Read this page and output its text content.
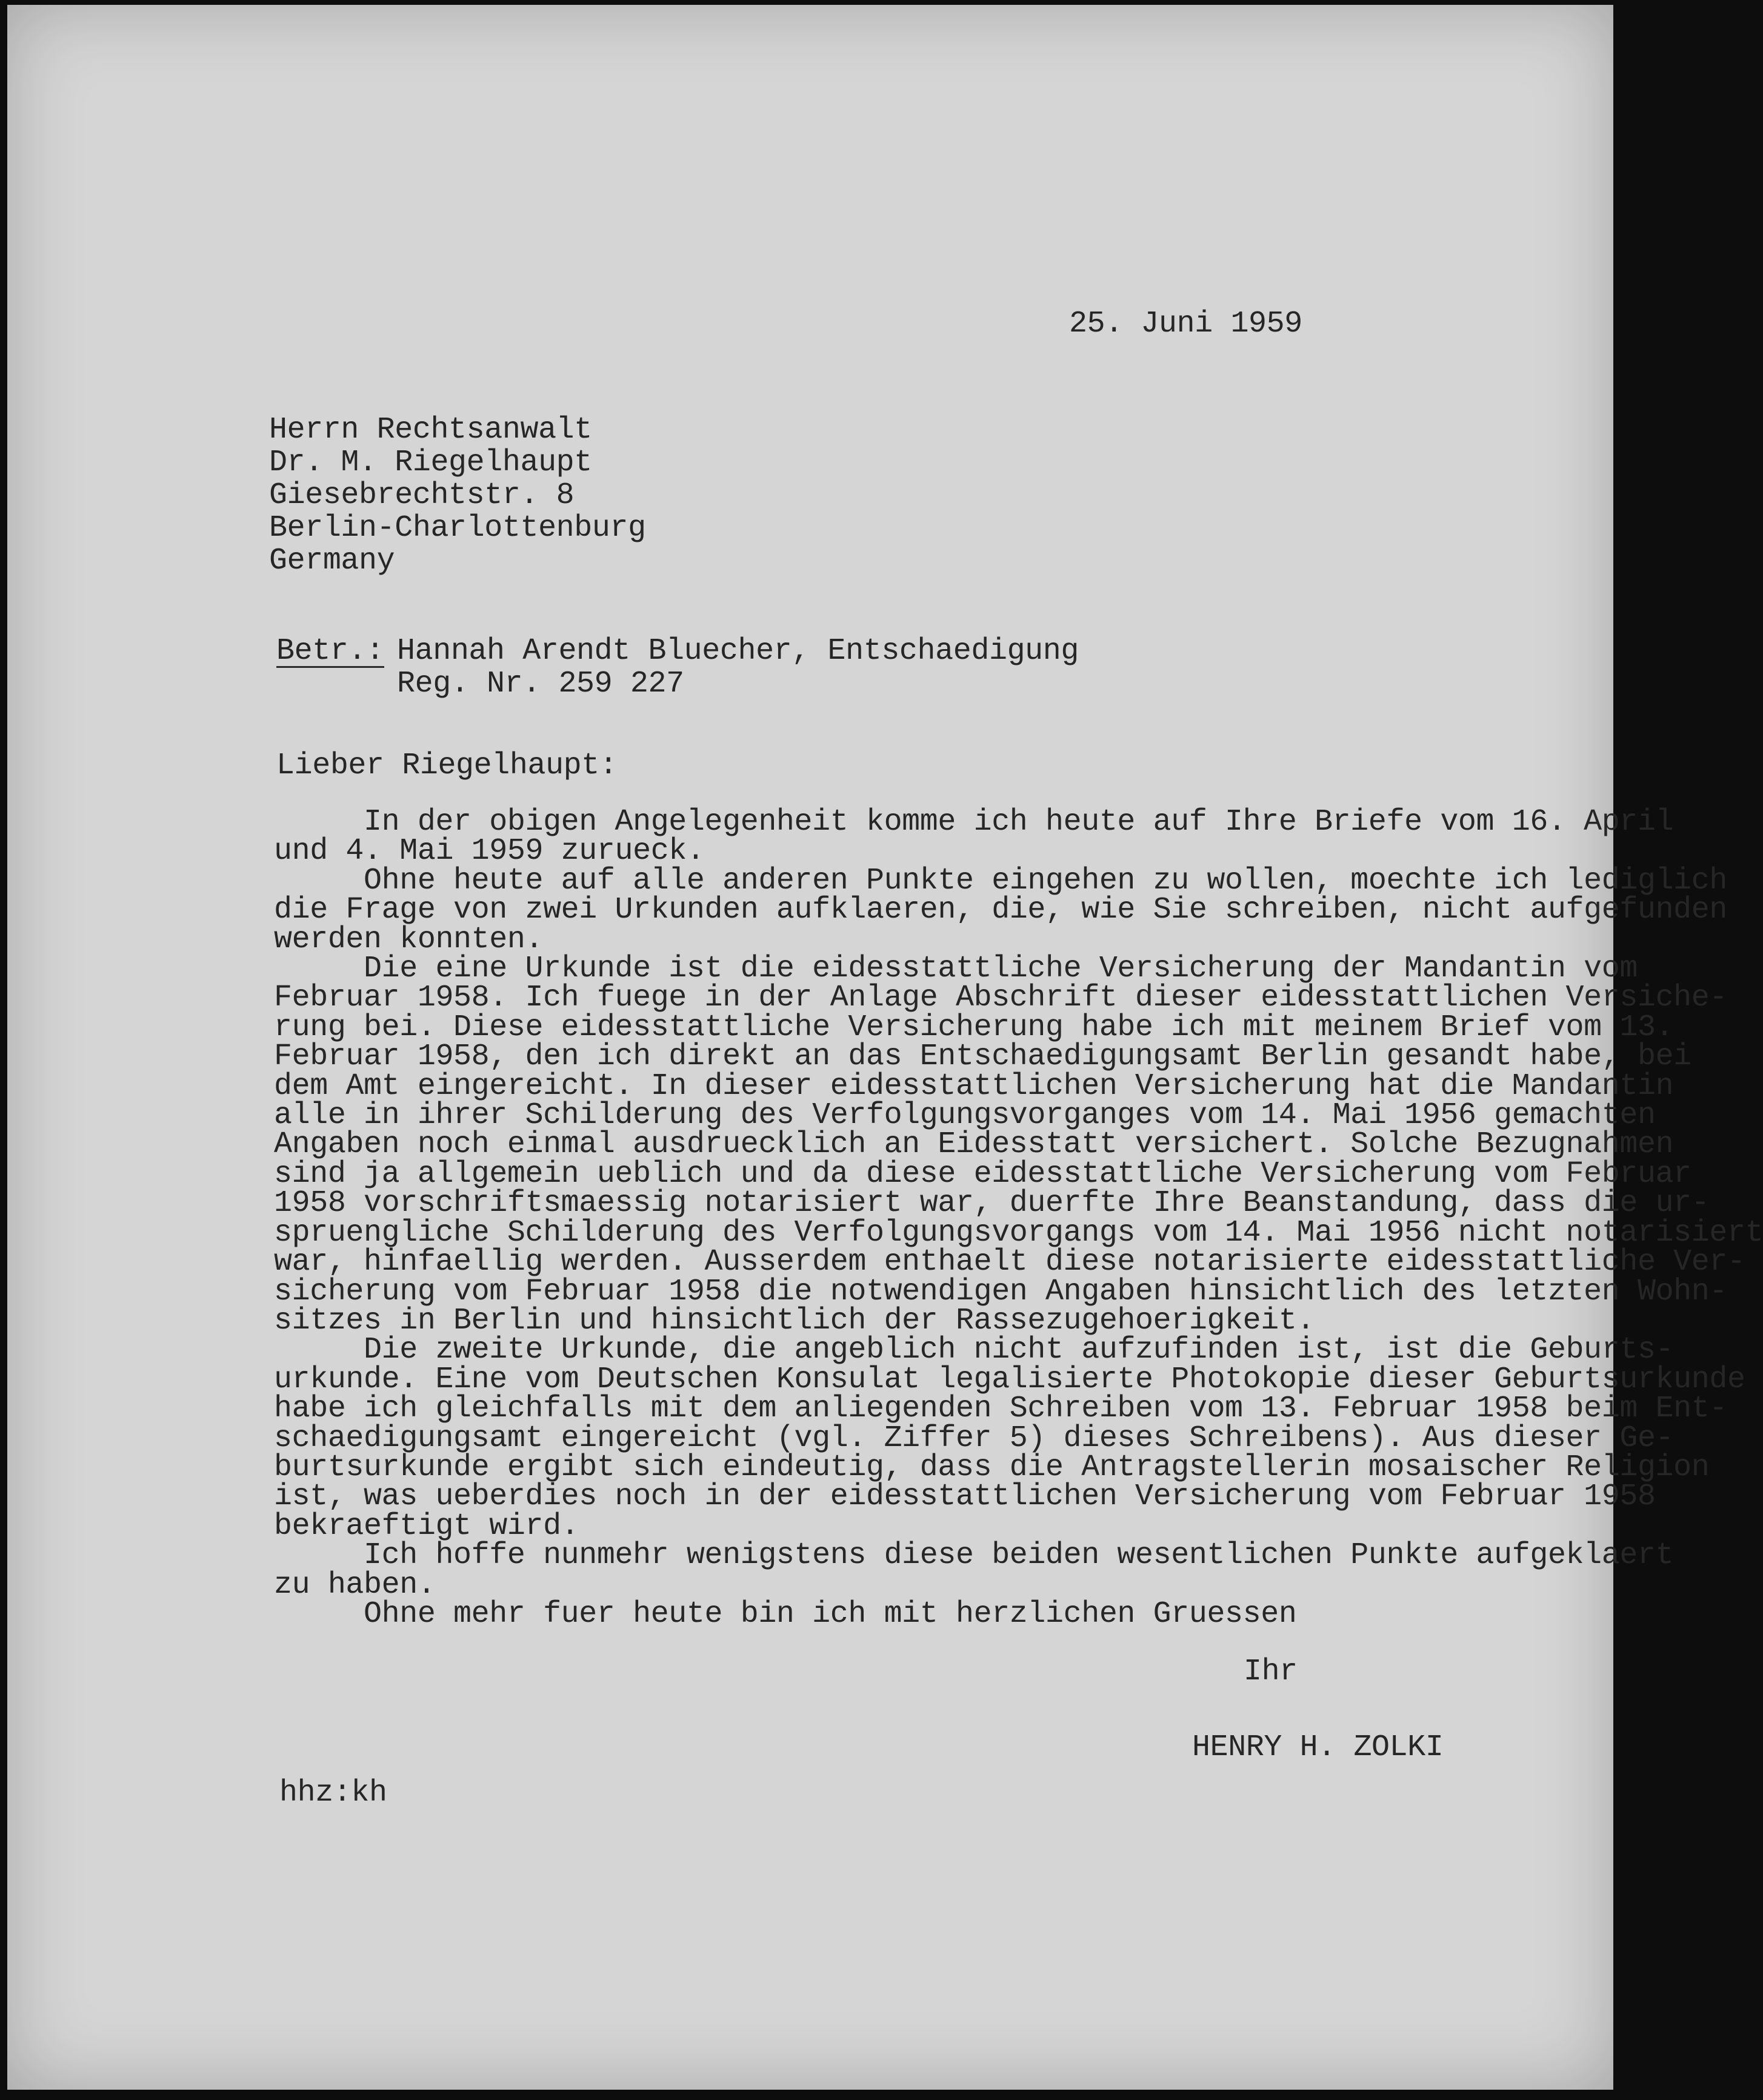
25. Juni 1959
Herrn Rechtsanwalt
Dr. M. Riegelhaupt
Giesebrechtstr. 8
Berlin-Charlottenburg
Germany
Betr.: Hannah Arendt Bluecher, Entschaedigung
Reg. Nr. 259 227
Lieber Riegelhaupt:
In der obigen Angelegenheit komme ich heute auf Ihre Briefe vom 16. April
und 4. Mai 1959 zurueck.
Ohne heute auf alle anderen Punkte eingehen zu wollen, moechte ich lediglich
die Frage von zwei Urkunden aufklaeren, die, wie Sie schreiben, nicht aufgefunden
werden konnten.
Die eine Urkunde ist die eidesstattliche Versicherung der Mandantin vom
Februar 1958. Ich fuege in der Anlage Abschrift dieser eidesstattlichen Versiche-
rung bei. Diese eidesstattliche Versicherung habe ich mit meinem Brief vom 13.
Februar 1958, den ich direkt an das Entschaedigungsamt Berlin gesandt habe, bei
dem Amt eingereicht. In dieser eidesstattlichen Versicherung hat die Mandantin
alle in ihrer Schilderung des Verfolgungsvorganges vom 14. Mai 1956 gemachten
Angaben noch einmal ausdruecklich an Eidesstatt versichert. Solche Bezugnahmen
sind ja allgemein ueblich und da diese eidesstattliche Versicherung vom Februar
1958 vorschriftsmaessig notarisiert war, duerfte Ihre Beanstandung, dass die ur-
spruengliche Schilderung des Verfolgungsvorgangs vom 14. Mai 1956 nicht notarisiert
war, hinfaellig werden. Ausserdem enthaelt diese notarisierte eidesstattliche Ver-
sicherung vom Februar 1958 die notwendigen Angaben hinsichtlich des letzten Wohn-
sitzes in Berlin und hinsichtlich der Rassezugehoerigkeit.
Die zweite Urkunde, die angeblich nicht aufzufinden ist, ist die Geburts-
urkunde. Eine vom Deutschen Konsulat legalisierte Photokopie dieser Geburtsurkunde
habe ich gleichfalls mit dem anliegenden Schreiben vom 13. Februar 1958 beim Ent-
schaedigungsamt eingereicht (vgl. Ziffer 5) dieses Schreibens). Aus dieser Ge-
burtsurkunde ergibt sich eindeutig, dass die Antragstellerin mosaischer Religion
ist, was ueberdies noch in der eidesstattlichen Versicherung vom Februar 1958
bekraeftigt wird.
Ich hoffe nunmehr wenigstens diese beiden wesentlichen Punkte aufgeklaert
zu haben.
Ohne mehr fuer heute bin ich mit herzlichen Gruessen
Ihr
HENRY H. ZOLKI
hhz:kh
